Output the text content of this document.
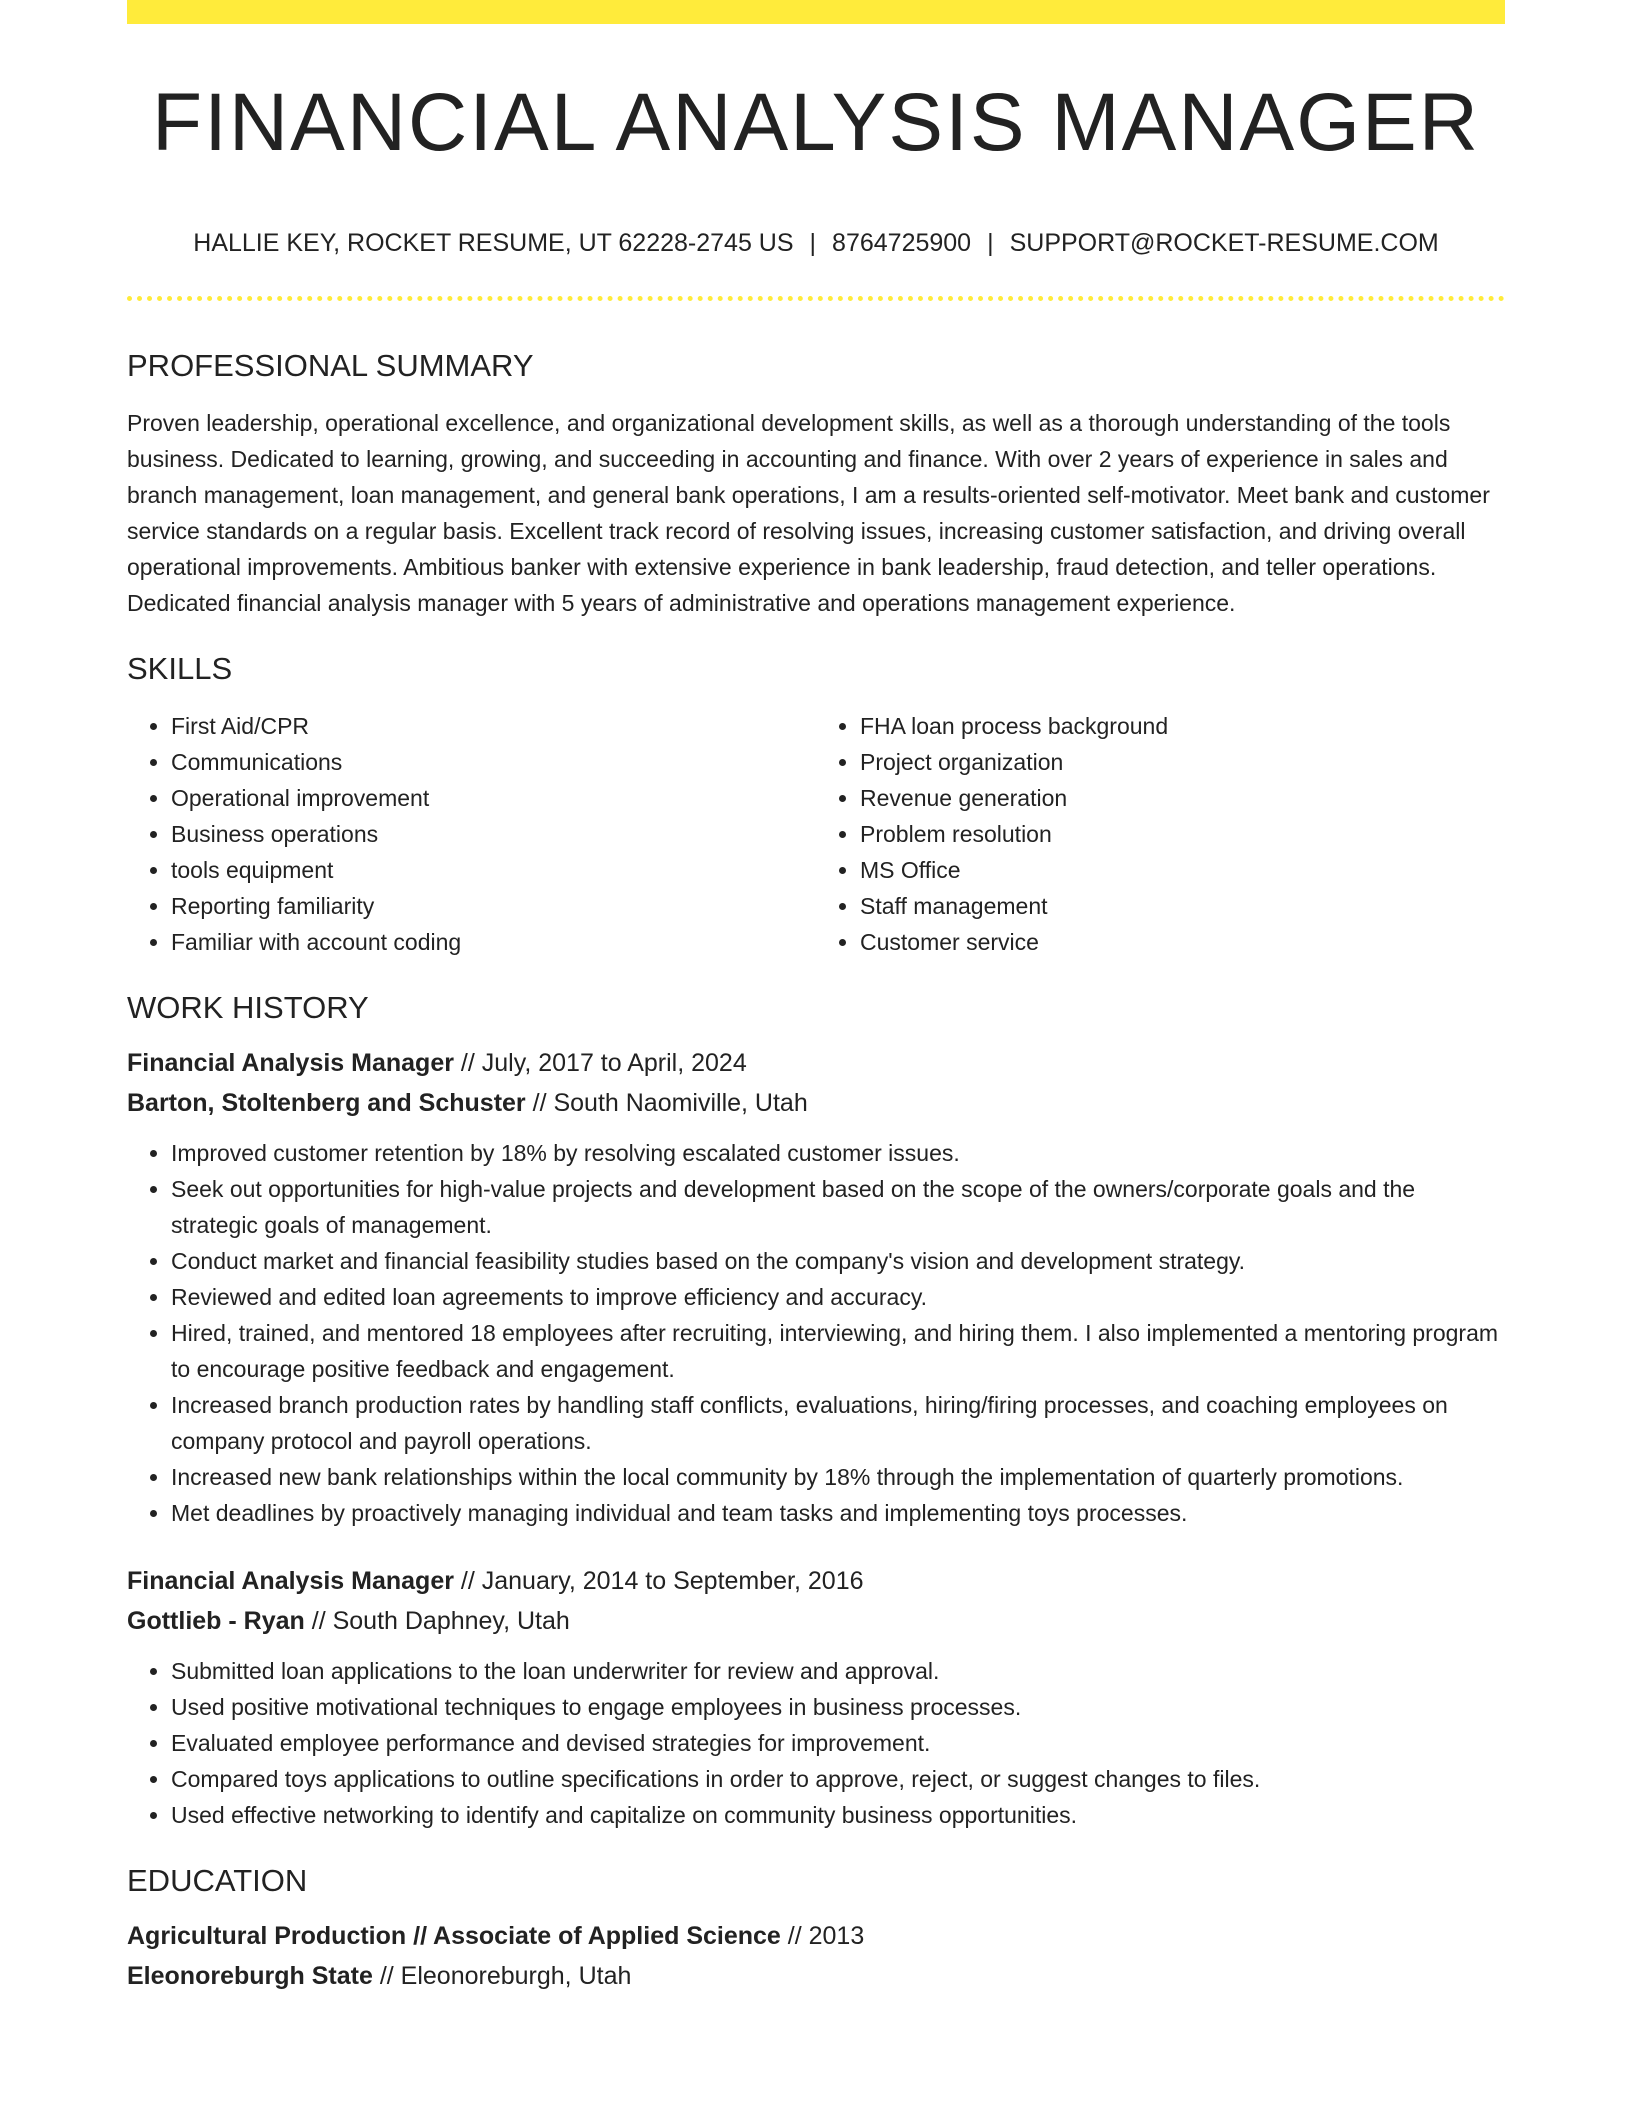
FINANCIAL ANALYSIS MANAGER
HALLIE KEY, ROCKET RESUME, UT 62228-2745 US | 8764725900 | SUPPORT@ROCKET-RESUME.COM
PROFESSIONAL SUMMARY

Proven leadership, operational excellence, and organizational development skills, as well as a thorough understanding of the tools business. Dedicated to learning, growing, and succeeding in accounting and finance. With over 2 years of experience in sales and branch management, loan management, and general bank operations, I am a results-oriented self-motivator. Meet bank and customer service standards on a regular basis. Excellent track record of resolving issues, increasing customer satisfaction, and driving overall operational improvements. Ambitious banker with extensive experience in bank leadership, fraud detection, and teller operations. Dedicated financial analysis manager with 5 years of administrative and operations management experience.

SKILLS
• First Aid/CPR
• Communications
• Operational improvement
• Business operations
• tools equipment
• Reporting familiarity
• Familiar with account coding
• FHA loan process background
• Project organization
• Revenue generation
• Problem resolution
• MS Office
• Staff management
• Customer service
WORK HISTORY
Financial Analysis Manager // July, 2017 to April, 2024
Barton, Stoltenberg and Schuster // South Naomiville, Utah
• Improved customer retention by 18% by resolving escalated customer issues.
• Seek out opportunities for high-value projects and development based on the scope of the owners/corporate goals and the strategic goals of management.
• Conduct market and financial feasibility studies based on the company's vision and development strategy.
• Reviewed and edited loan agreements to improve efficiency and accuracy.
• Hired, trained, and mentored 18 employees after recruiting, interviewing, and hiring them. I also implemented a mentoring program to encourage positive feedback and engagement.
• Increased branch production rates by handling staff conflicts, evaluations, hiring/firing processes, and coaching employees on company protocol and payroll operations.
• Increased new bank relationships within the local community by 18% through the implementation of quarterly promotions.
• Met deadlines by proactively managing individual and team tasks and implementing toys processes.
Financial Analysis Manager // January, 2014 to September, 2016
Gottlieb - Ryan // South Daphney, Utah
• Submitted loan applications to the loan underwriter for review and approval.
• Used positive motivational techniques to engage employees in business processes.
• Evaluated employee performance and devised strategies for improvement.
• Compared toys applications to outline specifications in order to approve, reject, or suggest changes to files.
• Used effective networking to identify and capitalize on community business opportunities.
EDUCATION
Agricultural Production // Associate of Applied Science // 2013
Eleonoreburgh State // Eleonoreburgh, Utah
